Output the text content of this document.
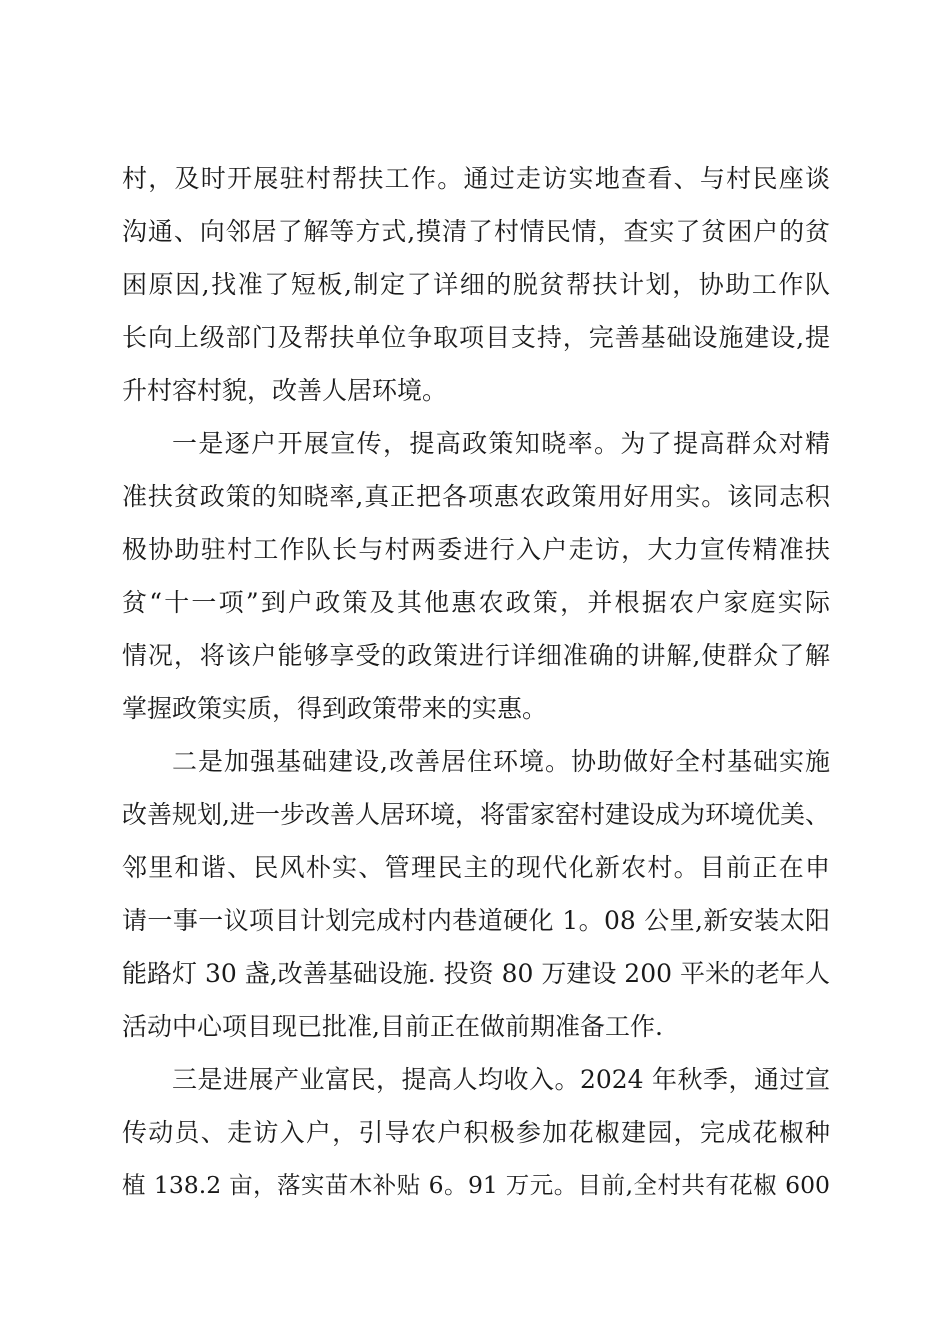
村，及时开展驻村帮扶工作。通过走访实地查看、与村民座谈
沟通、向邻居了解等方式,摸清了村情民情，查实了贫困户的贫
困原因,找准了短板,制定了详细的脱贫帮扶计划，协助工作队
长向上级部门及帮扶单位争取项目支持，完善基础设施建设,提
升村容村貌，改善人居环境。
一是逐户开展宣传，提高政策知晓率。为了提高群众对精
准扶贫政策的知晓率,真正把各项惠农政策用好用实。该同志积
极协助驻村工作队长与村两委进行入户走访，大力宣传精准扶
贫“十一项”到户政策及其他惠农政策，并根据农户家庭实际
情况，将该户能够享受的政策进行详细准确的讲解,使群众了解
掌握政策实质，得到政策带来的实惠。
二是加强基础建设,改善居住环境。协助做好全村基础实施
改善规划,进一步改善人居环境，将雷家窑村建设成为环境优美、
邻里和谐、民风朴实、管理民主的现代化新农村。目前正在申
请一事一议项目计划完成村内巷道硬化 1。08 公里,新安装太阳
能路灯 30 盏,改善基础设施. 投资 80 万建设 200 平米的老年人
活动中心项目现已批准,目前正在做前期准备工作.
三是进展产业富民，提高人均收入。2024 年秋季，通过宣
传动员、走访入户，引导农户积极参加花椒建园，完成花椒种
植 138.2 亩，落实苗木补贴 6。91 万元。目前,全村共有花椒 600
